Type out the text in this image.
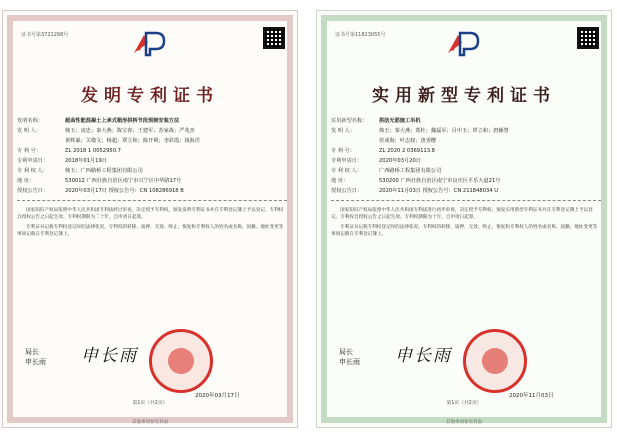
证书号第3721298号
发明专利证书
发明名称：	超高性能混凝土上承式箱形拱桥节段预制安装方法
发 明 人：	韩玉；凌忠；秦大燕；陈宝春；王建军；苏家战；严兆杰
黄辉暴；关敬文；杨超；覃立和；陈开利；李彩霞；钱海洋
专 利 号：	ZL 2018 1 0052950.7
专利申请日：	2018年01月19日
专 利 权 人：	韩玉；广西路桥工程集团有限公司
地 址：	530012 广西壮族自治区南宁市兴宁区中华路17号
授权公告日：	2020年03月17日 授权公告号：CN 108286918 B
国家知识产权局依照中华人民共和国专利法经过审查，决定授予专利权，颁发发明专利证书并在专利登记簿上予以登记。专利权自授权公告之日起生效。专利权期限为二十年，自申请日起算。
专利证书记载专利权登记时的法律状况。专利权的转移、质押、无效、终止、恢复和专利权人的姓名或名称、国籍、地址变更等事项记载在专利登记簿上。
局长
申长雨 申长雨
2020年03月17日
第1页（共2页）
其他事项参见背面
证书号第11823055号
实用新型专利证书
实用新型名称：	拱肋无筋施工吊机
发 明 人：	韩玉；秦大燕；郑杜；魏磊军；吕中玉；覃立和；唐颖慧
侯成海；叶志权；唐香樱
专 利 号：	ZL 2020 2 0369113.8
专利申请日：	2020年03月20日
专 利 权 人：	广西路桥工程集团有限公司
地 址：	530200 广西壮族自治区南宁市良庆区平乐大道21号
授权公告日：	2020年11月03日 授权公告号：CN 211848034 U
国家知识产权局依照中华人民共和国专利法进行初步审查，决定授予专利权，颁发实用新型专利证书并在专利登记簿上予以登记。专利权自授权公告之日起生效。专利权期限为十年，自申请日起算。
专利证书记载专利权登记时的法律状况。专利权的转移、质押、无效、终止、恢复和专利权人的姓名或名称、国籍、地址变更等事项记载在专利登记簿上。
局长
申长雨 申长雨
2020年11月03日
第1页（共2页）
其他事项参见背面
